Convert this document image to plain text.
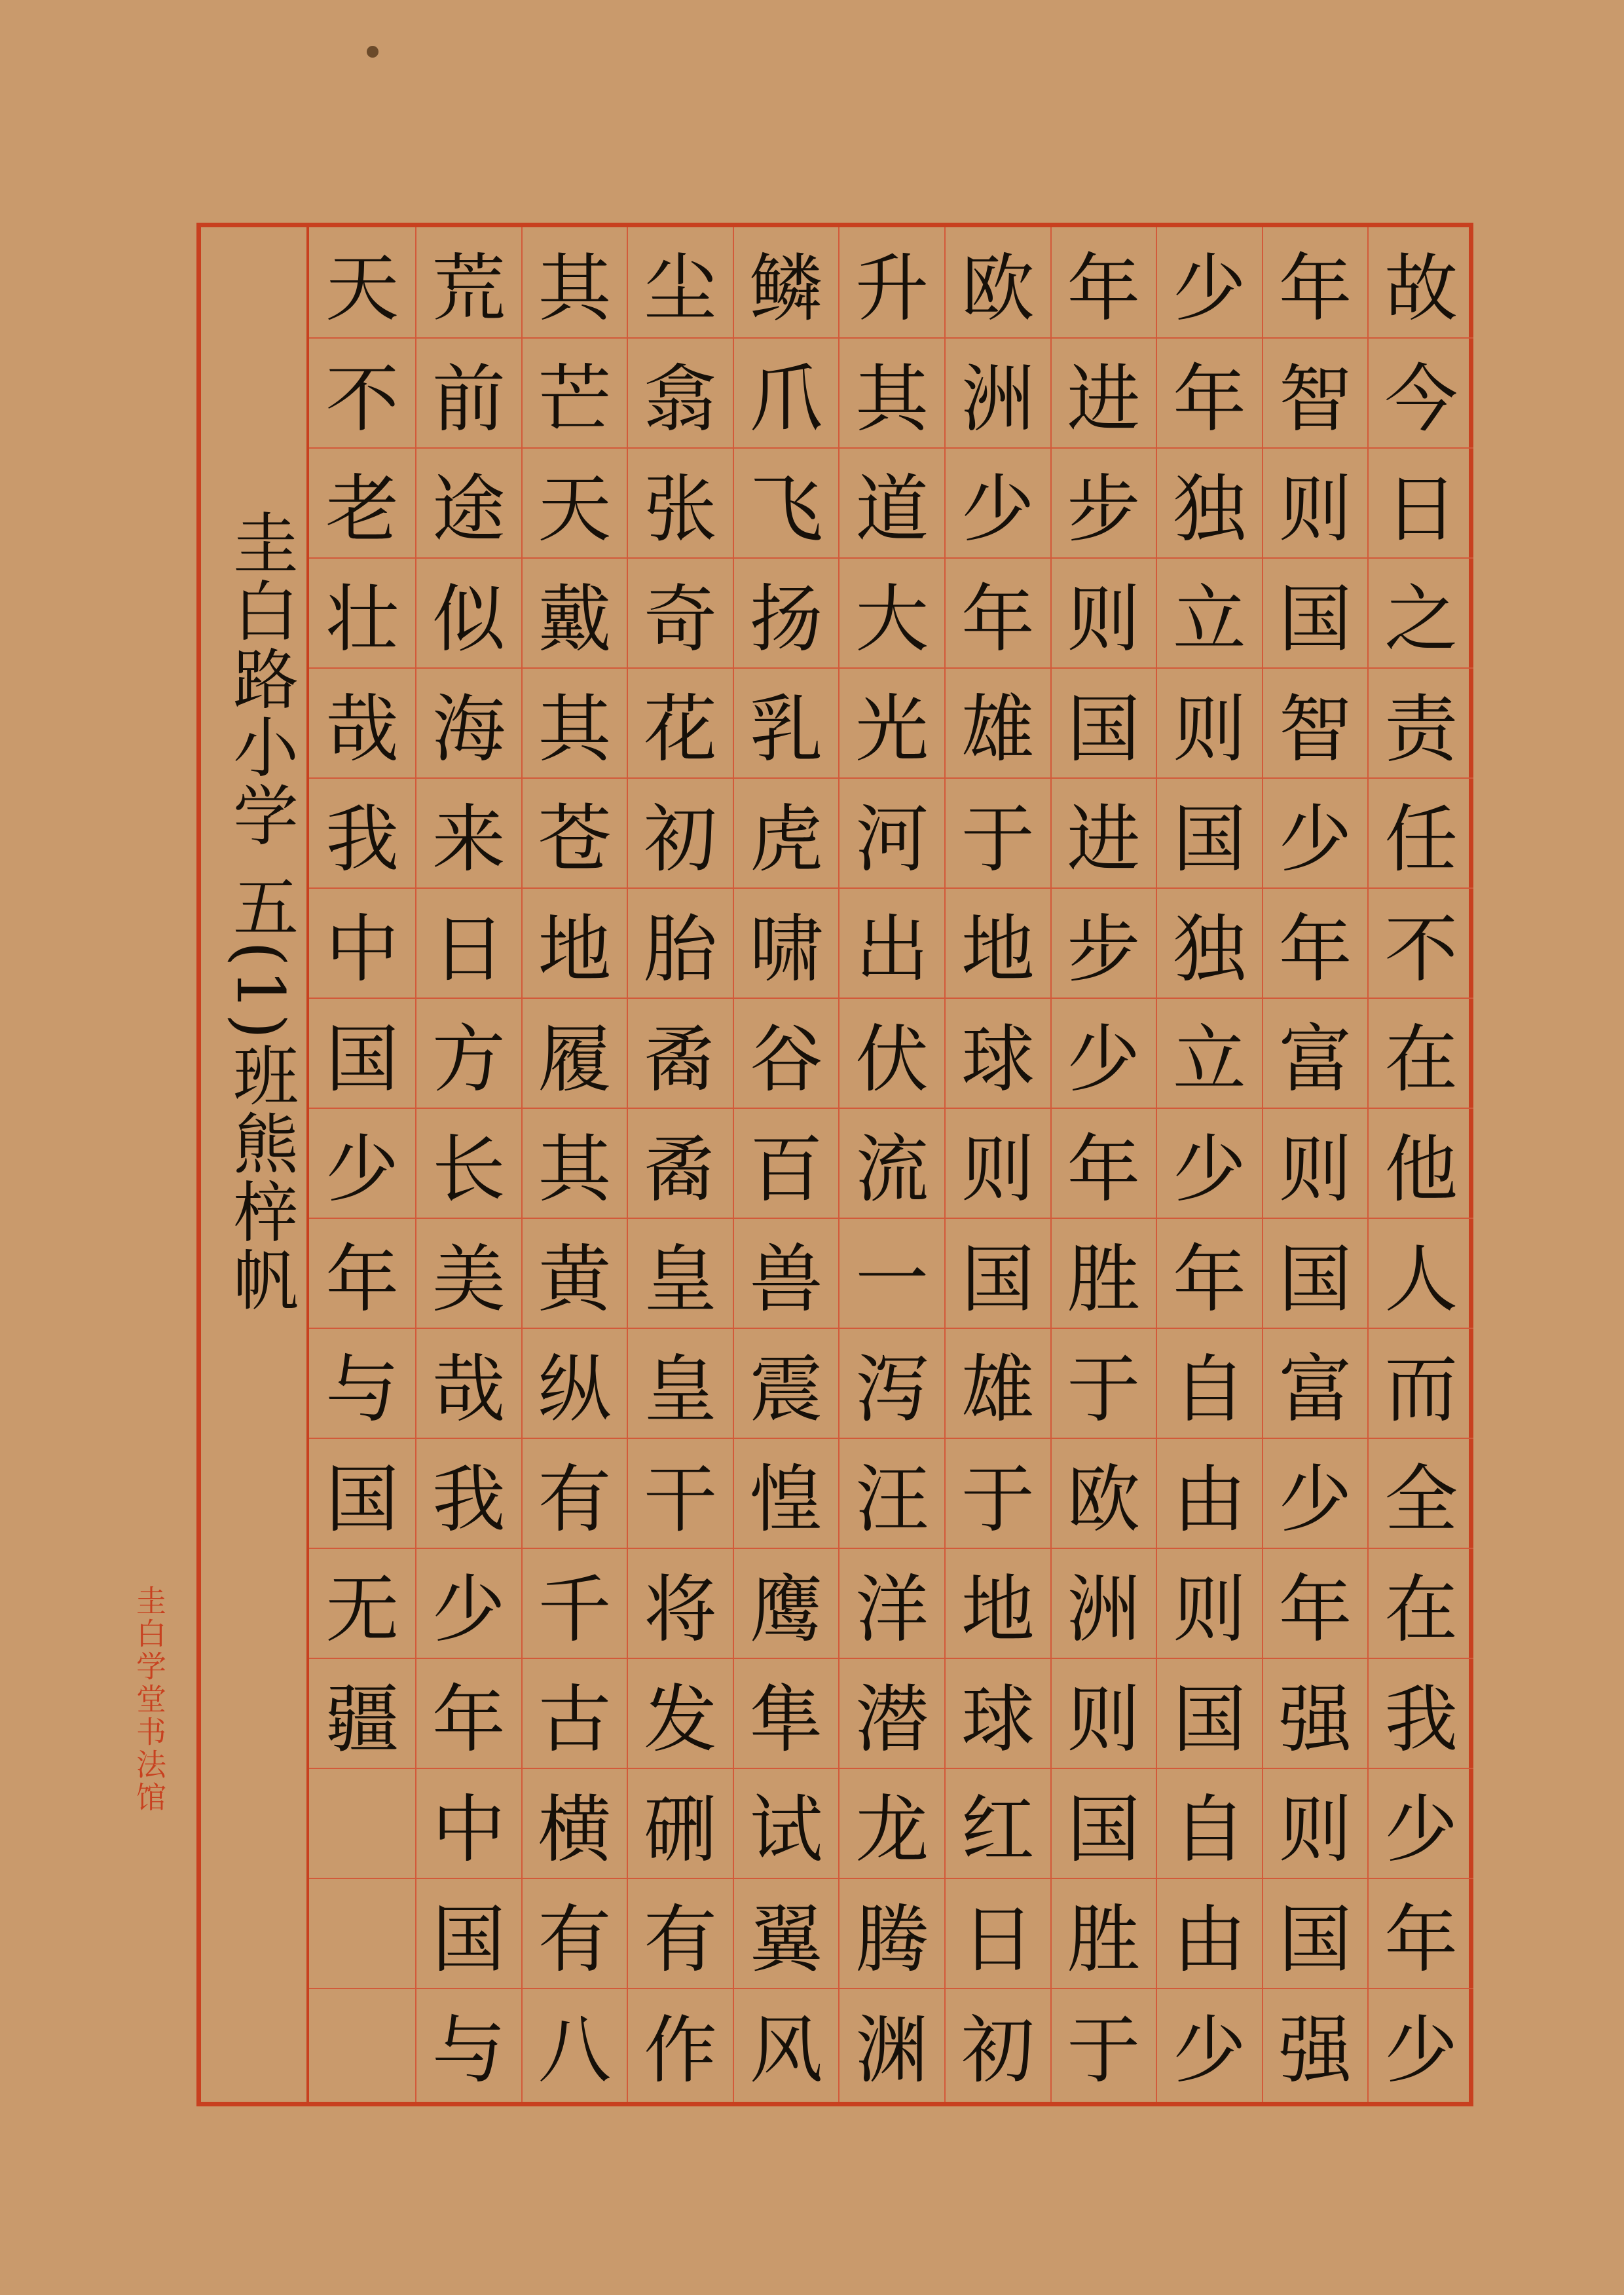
圭白路小学 五(1)班熊梓帆
故
今
日
之
责
任
不
在
他
人
而
全
在
我
少
年
少
年
智
则
国
智
少
年
富
则
国
富
少
年
强
则
国
强
少
年
独
立
则
国
独
立
少
年
自
由
则
国
自
由
少
年
进
步
则
国
进
步
少
年
胜
于
欧
洲
则
国
胜
于
欧
洲
少
年
雄
于
地
球
则
国
雄
于
地
球
红
日
初
升
其
道
大
光
河
出
伏
流
一
泻
汪
洋
潜
龙
腾
渊
鳞
爪
飞
扬
乳
虎
啸
谷
百
兽
震
惶
鹰
隼
试
翼
风
尘
翕
张
奇
花
初
胎
矞
矞
皇
皇
干
将
发
硎
有
作
其
芒
天
戴
其
苍
地
履
其
黄
纵
有
千
古
横
有
八
荒
前
途
似
海
来
日
方
长
美
哉
我
少
年
中
国
与
天
不
老
壮
哉
我
中
国
少
年
与
国
无
疆
圭白学堂书法馆
